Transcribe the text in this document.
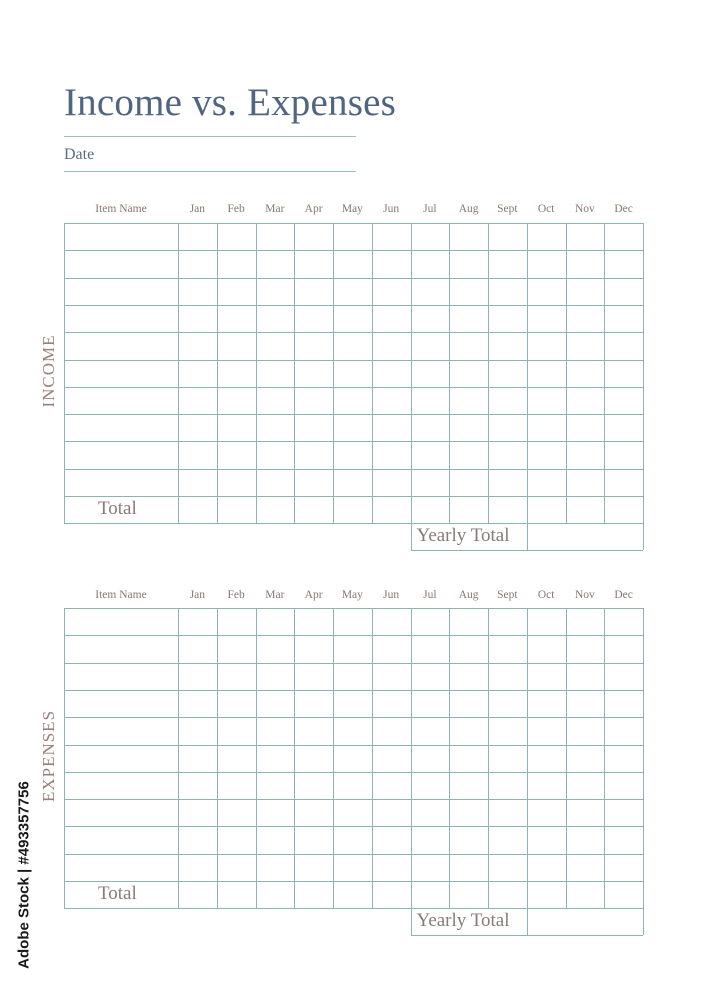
Income vs. Expenses
Date
Item Name	Jan	Feb	Mar	Apr	May	Jun	Jul	Aug	Sept	Oct	Nov	Dec
INCOME
Total
Yearly Total
Item Name	Jan	Feb	Mar	Apr	May	Jun	Jul	Aug	Sept	Oct	Nov	Dec
EXPENSES
Total
Yearly Total
Adobe Stock | #493357756
